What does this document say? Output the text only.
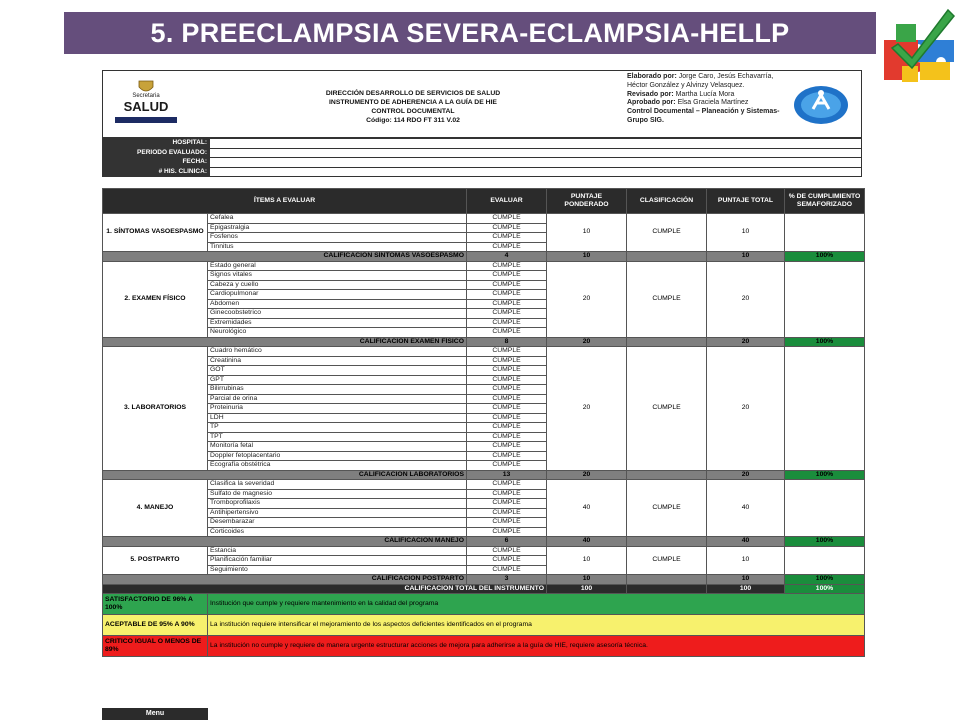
5. PREECLAMPSIA SEVERA-ECLAMPSIA-HELLP
Secretaria
SALUD
DIRECCIÓN DESARROLLO DE SERVICIOS DE SALUD
INSTRUMENTO DE ADHERENCIA A LA GUÍA DE HIE
CONTROL DOCUMENTAL
Código: 114 RDO FT 311 V.02
Elaborado por: Jorge Caro, Jesús Echavarría, Héctor González y Alvinzy Velasquez.
Revisado por: Martha Lucía Mora
Aprobado por: Elsa Graciela Martínez
Control Documental – Planeación y Sistemas-Grupo SIG.
HOSPITAL:	
PERIODO EVALUADO:	
FECHA:	
# HIS. CLINICA:	
ÍTEMS A EVALUAR		EVALUAR	PUNTAJE PONDERADO	CLASIFICACIÓN	PUNTAJE TOTAL	% DE CUMPLIMIENTO SEMAFORIZADO
1. SÍNTOMAS VASOESPASMO	Cefalea	CUMPLE	10	CUMPLE	10	
	Epigastralgia	CUMPLE				
	Fosfenos	CUMPLE				
	Tinnitus	CUMPLE				
CALIFICACIÓN SÍNTOMAS VASOESPASMO		4	10		10	100%
2. EXAMEN FÍSICO	Estado general	CUMPLE	20	CUMPLE	20	
	Signos vitales	CUMPLE				
	Cabeza y cuello	CUMPLE				
	Cardiopulmonar	CUMPLE				
	Abdomen	CUMPLE				
	Ginecoobstetrico	CUMPLE				
	Extremidades	CUMPLE				
	Neurológico	CUMPLE				
CALIFICACIÓN EXAMEN FÍSICO		8	20		20	100%
3. LABORATORIOS	Cuadro hemático	CUMPLE	20	CUMPLE	20	
	Creatinina	CUMPLE				
	GOT	CUMPLE				
	GPT	CUMPLE				
	Bilirrubinas	CUMPLE				
	Parcial de orina	CUMPLE				
	Proteinuria	CUMPLE				
	LDH	CUMPLE				
	TP	CUMPLE				
	TPT	CUMPLE				
	Monitoría fetal	CUMPLE				
	Doppler fetoplacentario	CUMPLE				
	Ecografía obstétrica	CUMPLE				
CALIFICACIÓN LABORATORIOS		13	20		20	100%
4. MANEJO	Clasifica la severidad	CUMPLE	40	CUMPLE	40	
	Sulfato de magnesio	CUMPLE				
	Tromboprofilaxis	CUMPLE				
	Antihipertensivo	CUMPLE				
	Desembarazar	CUMPLE				
	Corticoides	CUMPLE				
CALIFICACIÓN MANEJO		6	40		40	100%
5. POSTPARTO	Estancia	CUMPLE	10	CUMPLE	10	
	Planificación familiar	CUMPLE				
	Seguimiento	CUMPLE				
CALIFICACIÓN POSTPARTO		3	10		10	100%
CALIFICACIÓN TOTAL DEL INSTRUMENTO			100		100	100%
SATISFACTORIO DE 96% A 100%	Institución que cumple y requiere mantenimiento en la calidad del programa					
ACEPTABLE DE 95% A 90%	La institución requiere intensificar el mejoramiento de los aspectos deficientes identificados en el programa					
CRITICO IGUAL O MENOS DE 89%	La institución no cumple y requiere de manera urgente estructurar acciones de mejora para adherirse a la guía de HIE, requiere asesoría técnica.					
Menu
